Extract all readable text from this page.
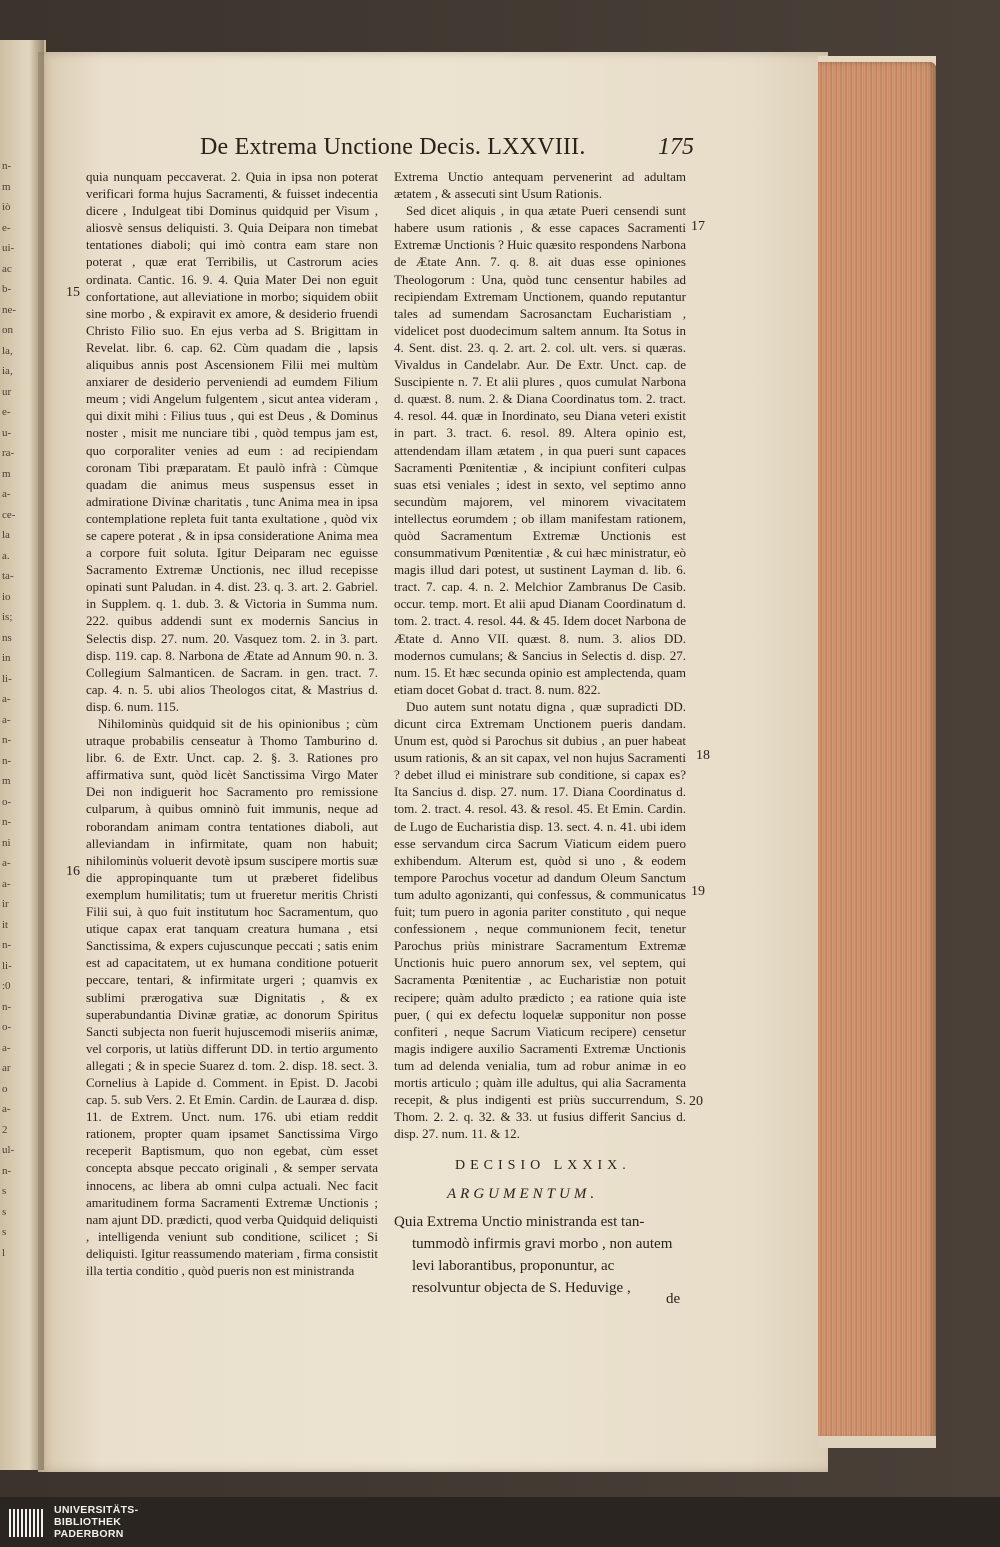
n-
m
ìò
e-
ui-
ac
b-
ne-
on
la,
ia,
ur
e-
u-
ra-
m
a-
ce-
la
a.
ta-
io
is;
ns
in
li-
a-
a-
n-
n-
m
o-
n-
ni
a-
a-
ir
it
n-
li-
:0
n-
o-
a-
ar
o
a-
2
ul-
n-
s
s
s
l
De Extrema Unctione Decis. LXXVIII.	175

quia nunquam peccaverat. 2. Quia in ipsa non poterat verificari forma hujus Sacramenti, & fuisset indecentia dicere , Indulgeat tibi Dominus quidquid per Visum , aliosvè sensus deliquisti. 3. Quia Deipara non timebat tentationes diaboli; qui imò contra eam stare non poterat , quæ erat Terribilis, ut Castrorum acies ordinata. Cantic. 16. 9. 4. Quia Mater Dei non eguit confortatione, aut alleviatione in morbo; siquidem obiit sine morbo , & expiravit ex amore, & desiderio fruendi Christo Filio suo. En ejus verba ad S. Brigittam in Revelat. libr. 6. cap. 62. Cùm quadam die , lapsis aliquibus annis post Ascensionem Filii mei multùm anxiarer de desiderio perveniendi ad eumdem Filium meum ; vidi Angelum fulgentem , sicut antea videram , qui dixit mihi : Filius tuus , qui est Deus , & Dominus noster , misit me nunciare tibi , quòd tempus jam est, quo corporaliter venies ad eum : ad recipiendam coronam Tibi præparatam. Et paulò infrà : Cùmque quadam die animus meus suspensus esset in admiratione Divinæ charitatis , tunc Anima mea in ipsa contemplatione repleta fuit tanta exultatione , quòd vix se capere poterat , & in ipsa consideratione Anima mea a corpore fuit soluta. Igitur Deiparam nec eguisse Sacramento Extremæ Unctionis, nec illud recepisse opinati sunt Paludan. in 4. dist. 23. q. 3. art. 2. Gabriel. in Supplem. q. 1. dub. 3. & Victoria in Summa num. 222. quibus addendi sunt ex modernis Sancius in Selectis disp. 27. num. 20. Vasquez tom. 2. in 3. part. disp. 119. cap. 8. Narbona de Ætate ad Annum 90. n. 3. Collegium Salmanticen. de Sacram. in gen. tract. 7. cap. 4. n. 5. ubi alios Theologos citat, & Mastrius d. disp. 6. num. 115.

Nihilominùs quidquid sit de his opinionibus ; cùm utraque probabilis censeatur à Thomo Tamburino d. libr. 6. de Extr. Unct. cap. 2. §. 3. Rationes pro affirmativa sunt, quòd licèt Sanctissima Virgo Mater Dei non indiguerit hoc Sacramento pro remissione culparum, à quibus omninò fuit immunis, neque ad roborandam animam contra tentationes diaboli, aut alleviandam in infirmitate, quam non habuit; nihilominùs voluerit devotè ipsum suscipere mortis suæ die appropinquante tum ut præberet fidelibus exemplum humilitatis; tum ut frueretur meritis Christi Filii sui, à quo fuit institutum hoc Sacramentum, quo utique capax erat tanquam creatura humana , etsi Sanctissima, & expers cujuscunque peccati ; satis enim est ad capacitatem, ut ex humana conditione potuerit peccare, tentari, & infirmitate urgeri ; quamvis ex sublimi prærogativa suæ Dignitatis , & ex superabundantia Divinæ gratiæ, ac donorum Spiritus Sancti subjecta non fuerit hujuscemodi miseriis animæ, vel corporis, ut latiùs differunt DD. in tertio argumento allegati ; & in specie Suarez d. tom. 2. disp. 18. sect. 3. Cornelius à Lapide d. Comment. in Epist. D. Jacobi cap. 5. sub Vers. 2. Et Emin. Cardin. de Lauræa d. disp. 11. de Extrem. Unct. num. 176. ubi etiam reddit rationem, propter quam ipsamet Sanctissima Virgo receperit Baptismum, quo non egebat, cùm esset concepta absque peccato originali , & semper servata innocens, ac libera ab omni culpa actuali. Nec facit amaritudinem forma Sacramenti Extremæ Unctionis ; nam ajunt DD. prædicti, quod verba Quidquid deliquisti , intelligenda veniunt sub conditione, scilicet ; Si deliquisti. Igitur reassumendo materiam , firma consistit illa tertia conditio , quòd pueris non est ministranda

Extrema Unctio antequam pervenerint ad adultam ætatem , & assecuti sint Usum Rationis.

Sed dicet aliquis , in qua ætate Pueri censendi sunt habere usum rationis , & esse capaces Sacramenti Extremæ Unctionis ? Huic quæsito respondens Narbona de Ætate Ann. 7. q. 8. ait duas esse opiniones Theologorum : Una, quòd tunc censentur habiles ad recipiendam Extremam Unctionem, quando reputantur tales ad sumendam Sacrosanctam Eucharistiam , videlicet post duodecimum saltem annum. Ita Sotus in 4. Sent. dist. 23. q. 2. art. 2. col. ult. vers. si quæras. Vivaldus in Candelabr. Aur. De Extr. Unct. cap. de Suscipiente n. 7. Et alii plures , quos cumulat Narbona d. quæst. 8. num. 2. & Diana Coordinatus tom. 2. tract. 4. resol. 44. quæ in Inordinato, seu Diana veteri existit in part. 3. tract. 6. resol. 89. Altera opinio est, attendendam illam ætatem , in qua pueri sunt capaces Sacramenti Pœnitentiæ , & incipiunt confiteri culpas suas etsi veniales ; idest in sexto, vel septimo anno secundùm majorem, vel minorem vivacitatem intellectus eorumdem ; ob illam manifestam rationem, quòd Sacramentum Extremæ Unctionis est consummativum Pœnitentiæ , & cui hæc ministratur, eò magis illud dari potest, ut sustinent Layman d. lib. 6. tract. 7. cap. 4. n. 2. Melchior Zambranus De Casib. occur. temp. mort. Et alii apud Dianam Coordinatum d. tom. 2. tract. 4. resol. 44. & 45. Idem docet Narbona de Ætate d. Anno VII. quæst. 8. num. 3. alios DD. modernos cumulans; & Sancius in Selectis d. disp. 27. num. 15. Et hæc secunda opinio est amplectenda, quam etiam docet Gobat d. tract. 8. num. 822.

Duo autem sunt notatu digna , quæ supradicti DD. dicunt circa Extremam Unctionem pueris dandam. Unum est, quòd si Parochus sit dubius , an puer habeat usum rationis, & an sit capax, vel non hujus Sacramenti ? debet illud ei ministrare sub conditione, si capax es? Ita Sancius d. disp. 27. num. 17. Diana Coordinatus d. tom. 2. tract. 4. resol. 43. & resol. 45. Et Emin. Cardin. de Lugo de Eucharistia disp. 13. sect. 4. n. 41. ubi idem esse servandum circa Sacrum Viaticum eidem puero exhibendum. Alterum est, quòd si uno , & eodem tempore Parochus vocetur ad dandum Oleum Sanctum tum adulto agonizanti, qui confessus, & communicatus fuit; tum puero in agonia pariter constituto , qui neque confessionem , neque communionem fecit, tenetur Parochus priùs ministrare Sacramentum Extremæ Unctionis huic puero annorum sex, vel septem, qui Sacramenta Pœnitentiæ , ac Eucharistiæ non potuit recipere; quàm adulto prædicto ; ea ratione quia iste puer, ( qui ex defectu loquelæ supponitur non posse confiteri , neque Sacrum Viaticum recipere) censetur magis indigere auxilio Sacramenti Extremæ Unctionis tum ad delenda venialia, tum ad robur animæ in eo mortis articulo ; quàm ille adultus, qui alia Sacramenta recepit, & plus indigenti est priùs succurrendum, S. Thom. 2. 2. q. 32. & 33. ut fusius differit Sancius d. disp. 27. num. 11. & 12.

15
16
17
18
19
20
DECISIO LXXIX.
ARGUMENTUM.

Quia Extrema Unctio ministranda est tan-

tummodò infirmis gravi morbo , non autem levi laborantibus, proponuntur, ac resolvuntur objecta de S. Heduvige ,

de
UNIVERSITÄTS-
BIBLIOTHEK
PADERBORN
